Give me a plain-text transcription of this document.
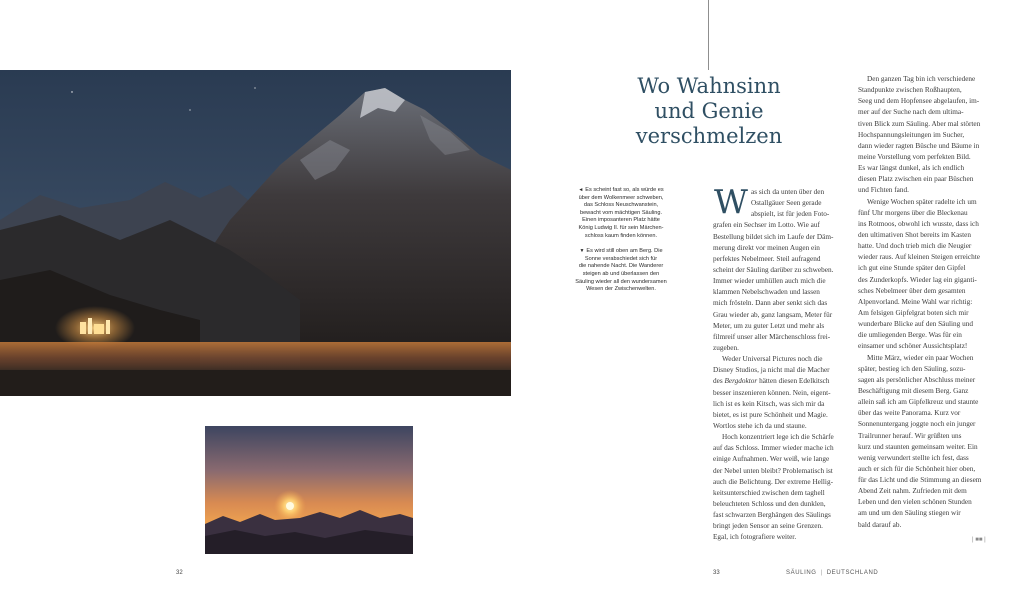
◄ Es scheint fast so, als würde es
über dem Wolkenmeer schweben,
das Schloss Neuschwanstein,
bewacht vom mächtigen Säuling.
Einen imposanteren Platz hätte
König Ludwig II. für sein Märchen-
schloss kaum finden können.

▼ Es wird still oben am Berg. Die
Sonne verabschiedet sich für
die nahende Nacht. Die Wanderer
steigen ab und überlassen den
Säuling wieder all den wundersamen
Wesen der Zwischenwelten.

Wo Wahnsinn
und Genie
verschmelzen
W as sich da unten über den
Ostallgäuer Seen gerade
abspielt, ist für jeden Foto-
grafen ein Sechser im Lotto. Wie auf
Bestellung bildet sich im Laufe der Däm-
merung direkt vor meinen Augen ein
perfektes Nebelmeer. Steil aufragend
scheint der Säuling darüber zu schweben.
Immer wieder umhüllen auch mich die
klammen Nebelschwaden und lassen
mich frösteln. Dann aber senkt sich das
Grau wieder ab, ganz langsam, Meter für
Meter, um zu guter Letzt und mehr als
filmreif unser aller Märchenschloss frei-
zugeben.
Weder Universal Pictures noch die
Disney Studios, ja nicht mal die Macher
des Bergdoktor hätten diesen Edelkitsch
besser inszenieren können. Nein, eigent-
lich ist es kein Kitsch, was sich mir da
bietet, es ist pure Schönheit und Magie.
Wortlos stehe ich da und staune.
Hoch konzentriert lege ich die Schärfe
auf das Schloss. Immer wieder mache ich
einige Aufnahmen. Wer weiß, wie lange
der Nebel unten bleibt? Problematisch ist
auch die Belichtung. Der extreme Hellig-
keitsunterschied zwischen dem taghell
beleuchteten Schloss und den dunklen,
fast schwarzen Berghängen des Säulings
bringt jeden Sensor an seine Grenzen.
Egal, ich fotografiere weiter.
Den ganzen Tag bin ich verschiedene
Standpunkte zwischen Roßhaupten,
Seeg und dem Hopfensee abgelaufen, im-
mer auf der Suche nach dem ultima-
tiven Blick zum Säuling. Aber mal störten
Hochspannungsleitungen im Sucher,
dann wieder ragten Büsche und Bäume in
meine Vorstellung vom perfekten Bild.
Es war längst dunkel, als ich endlich
diesen Platz zwischen ein paar Büschen
und Fichten fand.
Wenige Wochen später radelte ich um
fünf Uhr morgens über die Bleckenau
ins Rotmoos, obwohl ich wusste, dass ich
den ultimativen Shot bereits im Kasten
hatte. Und doch trieb mich die Neugier
wieder raus. Auf kleinen Steigen erreichte
ich gut eine Stunde später den Gipfel
des Zunderkopfs. Wieder lag ein giganti-
sches Nebelmeer über dem gesamten
Alpenvorland. Meine Wahl war richtig:
Am felsigen Gipfelgrat boten sich mir
wunderbare Blicke auf den Säuling und
die umliegenden Berge. Was für ein
einsamer und schöner Aussichtsplatz!
Mitte März, wieder ein paar Wochen
später, bestieg ich den Säuling, sozu-
sagen als persönlicher Abschluss meiner
Beschäftigung mit diesem Berg. Ganz
allein saß ich am Gipfelkreuz und staunte
über das weite Panorama. Kurz vor
Sonnenuntergang joggte noch ein junger
Trailrunner herauf. Wir grüßten uns
kurz und staunten gemeinsam weiter. Ein
wenig verwundert stellte ich fest, dass
auch er sich für die Schönheit hier oben,
für das Licht und die Stimmung an diesem
Abend Zeit nahm. Zufrieden mit dem
Leben und den vielen schönen Stunden
am und um den Säuling stiegen wir
bald darauf ab.
| ■■ |
32	33	SÄULING | DEUTSCHLAND
